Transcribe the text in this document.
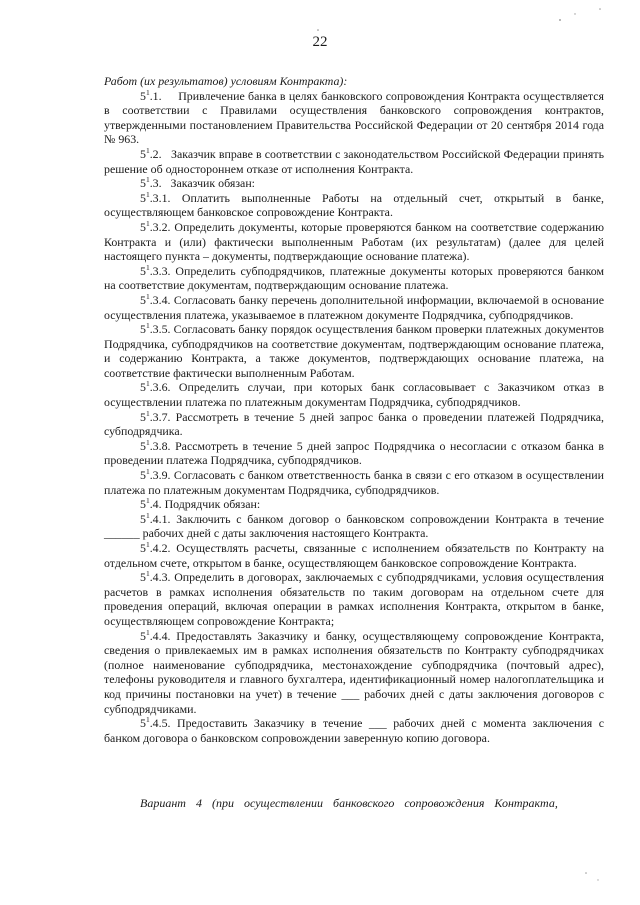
22

Работ (их результатов) условиям Контракта):

$5^1.1$.     Привлечение банка в целях банковского сопровождения Контракта осуществляется в соответствии с Правилами осуществления банковского сопровождения контрактов, утвержденными постановлением Правительства Российской Федерации от 20 сентября 2014 года № 963.

$5^1.2$.   Заказчик вправе в соответствии с законодательством Российской Федерации принять решение об одностороннем отказе от исполнения Контракта.

$5^1.3$.   Заказчик обязан:

$5^1.3.1$. Оплатить выполненные Работы на отдельный счет, открытый в банке, осуществляющем банковское сопровождение Контракта.

$5^1.3.2$. Определить документы, которые проверяются банком на соответствие содержанию Контракта и (или) фактически выполненным Работам (их результатам) (далее для целей настоящего пункта – документы, подтверждающие основание платежа).

$5^1.3.3$. Определить субподрядчиков, платежные документы которых проверяются банком на соответствие документам, подтверждающим основание платежа.

$5^1.3.4$. Согласовать банку перечень дополнительной информации, включаемой в основание осуществления платежа, указываемое в платежном документе Подрядчика, субподрядчиков.

$5^1.3.5$. Согласовать банку порядок осуществления банком проверки платежных документов Подрядчика, субподрядчиков на соответствие документам, подтверждающим основание платежа, и содержанию Контракта, а также документов, подтверждающих основание платежа, на соответствие фактически выполненным Работам.

$5^1.3.6$. Определить случаи, при которых банк согласовывает с Заказчиком отказ в осуществлении платежа по платежным документам Подрядчика, субподрядчиков.

$5^1.3.7$. Рассмотреть в течение 5 дней запрос банка о проведении платежей Подрядчика, субподрядчика.

$5^1.3.8$. Рассмотреть в течение 5 дней запрос Подрядчика о несогласии с отказом банка в проведении платежа Подрядчика, субподрядчиков.

$5^1.3.9$. Согласовать с банком ответственность банка в связи с его отказом в осуществлении платежа по платежным документам Подрядчика, субподрядчиков.

$5^1.4$. Подрядчик обязан:

$5^1.4.1$. Заключить с банком договор о банковском сопровождении Контракта в течение ______ рабочих дней с даты заключения настоящего Контракта.

$5^1.4.2$. Осуществлять расчеты, связанные с исполнением обязательств по Контракту на отдельном счете, открытом в банке, осуществляющем банковское сопровождение Контракта.

$5^1.4.3$. Определить в договорах, заключаемых с субподрядчиками, условия осуществления расчетов в рамках исполнения обязательств по таким договорам на отдельном счете для проведения операций, включая операции в рамках исполнения Контракта, открытом в банке, осуществляющем сопровождение Контракта;

$5^1.4.4$. Предоставлять Заказчику и банку, осуществляющему сопровождение Контракта, сведения о привлекаемых им в рамках исполнения обязательств по Контракту субподрядчиках (полное наименование субподрядчика, местонахождение субподрядчика (почтовый адрес), телефоны руководителя и главного бухгалтера, идентификационный номер налогоплательщика и код причины постановки на учет) в течение ___ рабочих дней с даты заключения договоров с субподрядчиками.

$5^1.4.5$. Предоставить Заказчику в течение ___ рабочих дней с момента заключения с банком договора о банковском сопровождении заверенную копию договора.

Вариант 4 (при осуществлении банковского сопровождения Контракта,
